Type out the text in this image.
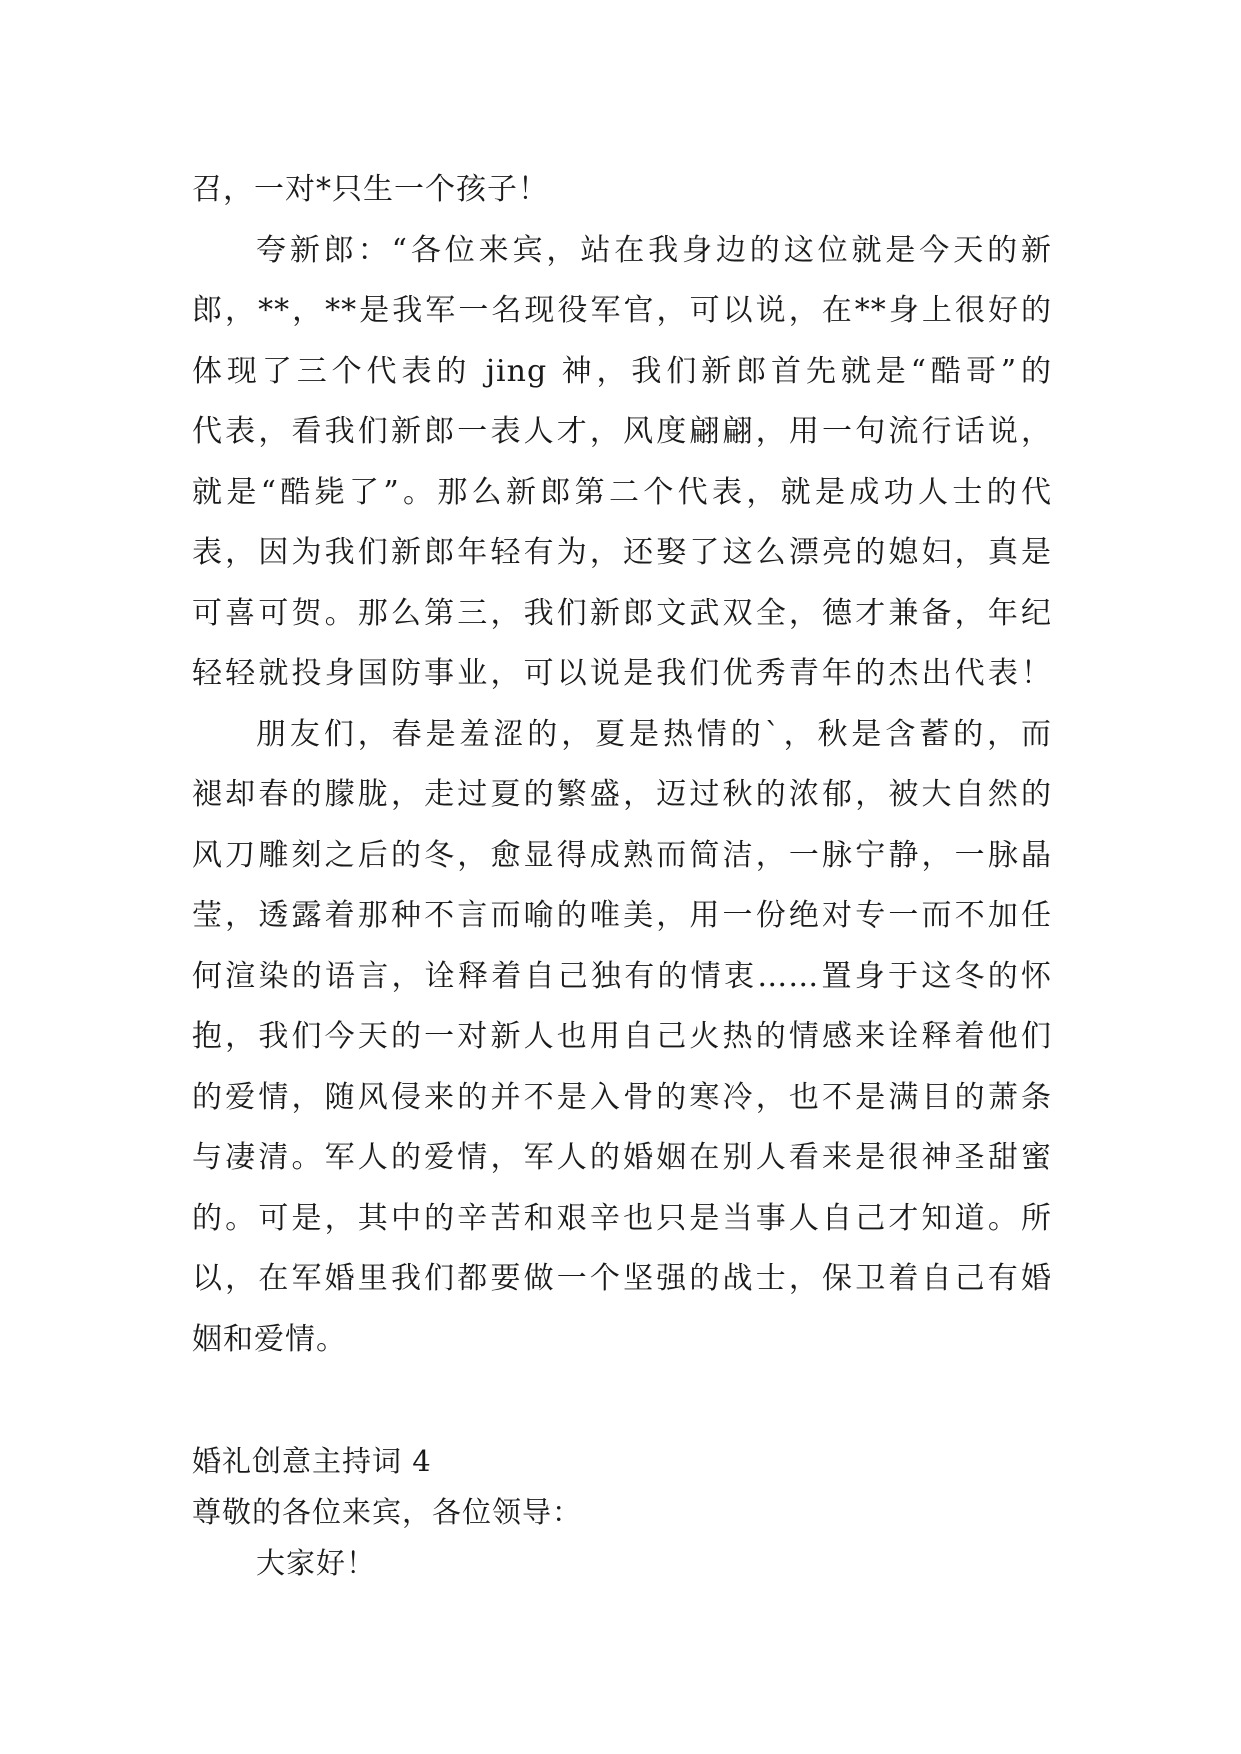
召，一对*只生一个孩子！
夸新郎：“各位来宾，站在我身边的这位就是今天的新
郎，**，**是我军一名现役军官，可以说，在**身上很好的
体现了三个代表的 jing 神，我们新郎首先就是“酷哥”的
代表，看我们新郎一表人才，风度翩翩，用一句流行话说，
就是“酷毙了”。那么新郎第二个代表，就是成功人士的代
表，因为我们新郎年轻有为，还娶了这么漂亮的媳妇，真是
可喜可贺。那么第三，我们新郎文武双全，德才兼备，年纪
轻轻就投身国防事业，可以说是我们优秀青年的杰出代表！
朋友们，春是羞涩的，夏是热情的`，秋是含蓄的，而
褪却春的朦胧，走过夏的繁盛，迈过秋的浓郁，被大自然的
风刀雕刻之后的冬，愈显得成熟而简洁，一脉宁静，一脉晶
莹，透露着那种不言而喻的唯美，用一份绝对专一而不加任
何渲染的语言，诠释着自己独有的情衷……置身于这冬的怀
抱，我们今天的一对新人也用自己火热的情感来诠释着他们
的爱情，随风侵来的并不是入骨的寒冷，也不是满目的萧条
与凄清。军人的爱情，军人的婚姻在别人看来是很神圣甜蜜
的。可是，其中的辛苦和艰辛也只是当事人自己才知道。所
以，在军婚里我们都要做一个坚强的战士，保卫着自己有婚
姻和爱情。
婚礼创意主持词 4
尊敬的各位来宾，各位领导：
大家好！
